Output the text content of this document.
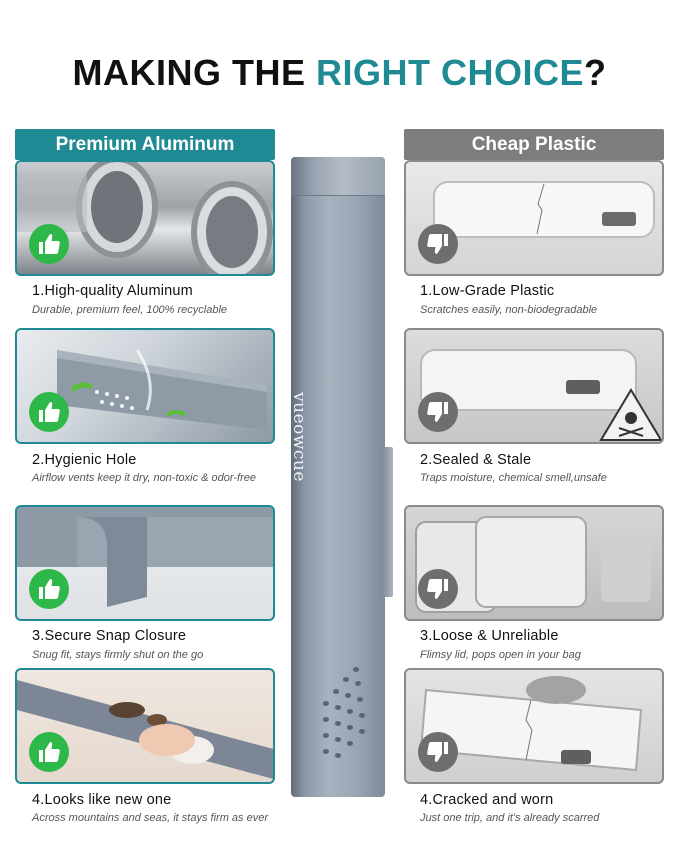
MAKING THE RIGHT CHOICE?
Premium Aluminum	Cheap Plastic
1.High-quality Aluminum
Durable, premium feel, 100% recyclable
2.Hygienic Hole
Airflow vents keep it dry, non-toxic & odor-free
3.Secure Snap Closure
Snug fit, stays firmly shut on the go
4.Looks like new one
Across mountains and seas, it stays firm as ever
vueowcue
1.Low-Grade Plastic
Scratches easily, non-biodegradable
2.Sealed & Stale
Traps moisture, chemical smell,unsafe
3.Loose & Unreliable
Flimsy lid, pops open in your bag
4.Cracked and worn
Just one trip, and it's already scarred
